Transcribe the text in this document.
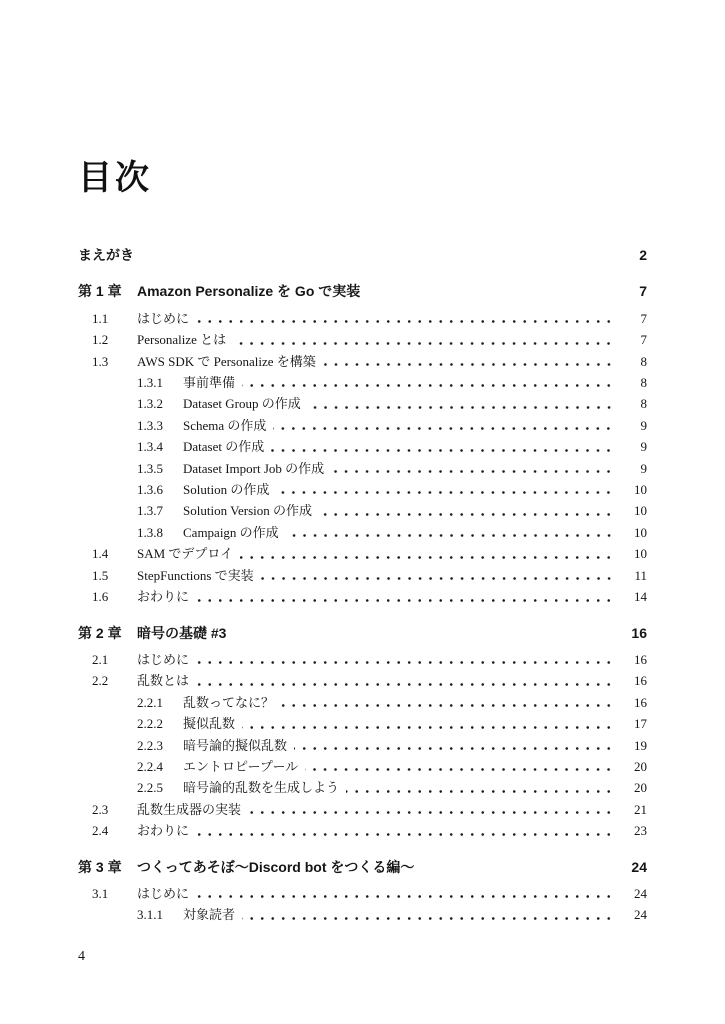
目次
まえがき	2
第 1 章	Amazon Personalize を Go で実装	7
1.1	はじめに	7
1.2	Personalize とは	7
1.3	AWS SDK で Personalize を構築	8
1.3.1	事前準備	8
1.3.2	Dataset Group の作成	8
1.3.3	Schema の作成	9
1.3.4	Dataset の作成	9
1.3.5	Dataset Import Job の作成	9
1.3.6	Solution の作成	10
1.3.7	Solution Version の作成	10
1.3.8	Campaign の作成	10
1.4	SAM でデプロイ	10
1.5	StepFunctions で実装	11
1.6	おわりに	14
第 2 章	暗号の基礎 #3	16
2.1	はじめに	16
2.2	乱数とは	16
2.2.1	乱数ってなに？	16
2.2.2	擬似乱数	17
2.2.3	暗号論的擬似乱数	19
2.2.4	エントロピープール	20
2.2.5	暗号論的乱数を生成しよう	20
2.3	乱数生成器の実装	21
2.4	おわりに	23
第 3 章	つくってあそぼ〜Discord bot をつくる編〜	24
3.1	はじめに	24
3.1.1	対象読者	24
4
